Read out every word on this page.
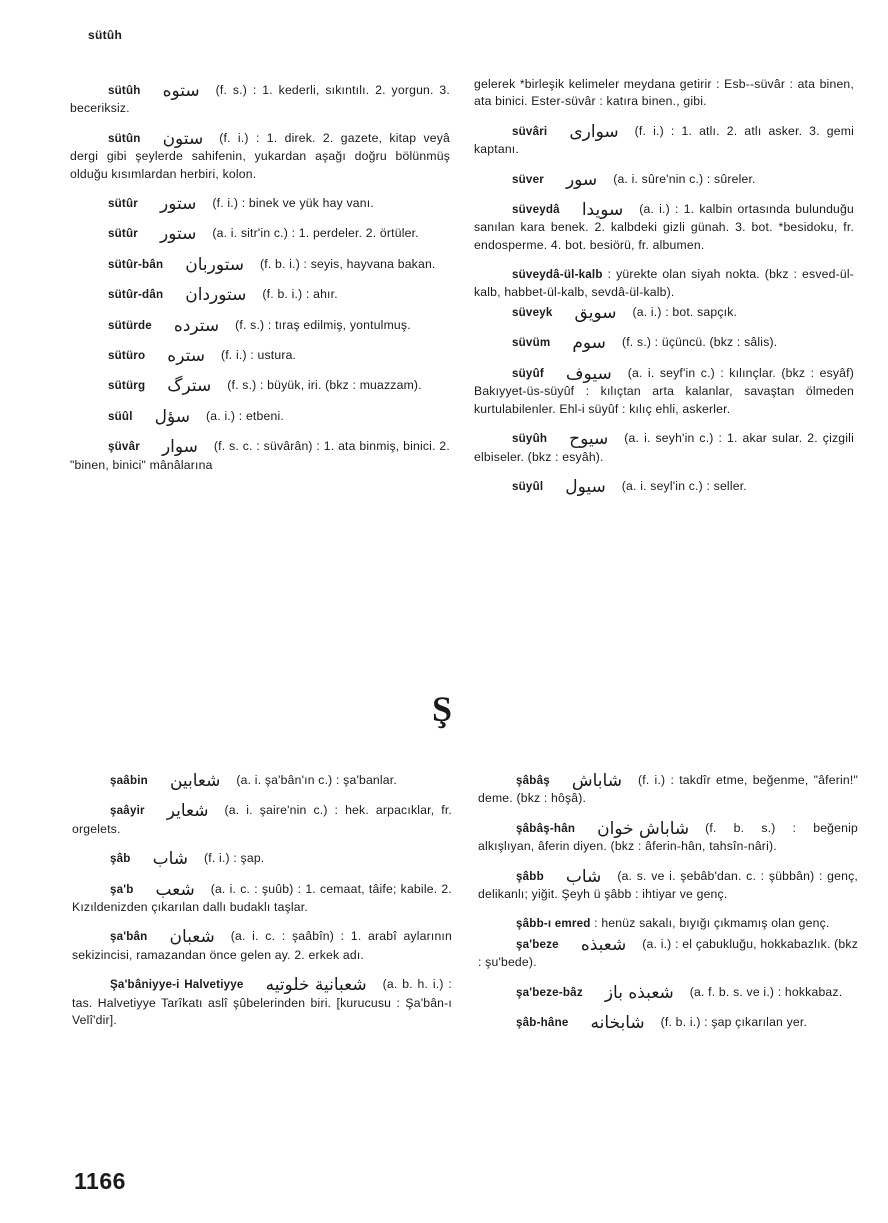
sütûh
sütûh ستوه (f. s.) : 1. kederli, sıkıntılı. 2. yorgun. 3. beceriksiz.
sütûn ستون (f. i.) : 1. direk. 2. gazete, kitap veyâ dergi gibi şeylerde sahifenin, yukardan aşağı doğru bölünmüş olduğu kısımlardan herbiri, kolon.
sütûr ستور (f. i.) : binek ve yük hay vanı.
sütûr ستور (a. i. sitr'in c.) : 1. perdeler. 2. örtüler.
sütûr-bân ستوربان (f. b. i.) : seyis, hayvana bakan.
sütûr-dân ستوردان (f. b. i.) : ahır.
sütürde سترده (f. s.) : tıraş edilmiş, yontulmuş.
sütüro ستره (f. i.) : ustura.
sütürg سترگ (f. s.) : büyük, iri. (bkz : muazzam).
süûl سؤل (a. i.) : etbeni.
şüvâr سوار (f. s. c. : süvârân) : 1. ata binmiş, binici. 2. "binen, binici" mânâlarına
gelerek *birleşik kelimeler meydana getirir : Esb--süvâr : ata binen, ata binici. Ester-süvâr : katıra binen., gibi.
süvâri سوارى (f. i.) : 1. atlı. 2. atlı asker. 3. gemi kaptanı.
süver سور (a. i. sûre'nin c.) : sûreler.
süveydâ سويدا (a. i.) : 1. kalbin ortasında bulunduğu sanılan kara benek. 2. kalbdeki gizli günah. 3. bot. *besidoku, fr. endosperme. 4. bot. besiörü, fr. albumen.
süveydâ-ül-kalb : yürekte olan siyah nokta. (bkz : esved-ül-kalb, habbet-ül-kalb, sevdâ-ül-kalb).
süveyk سويق (a. i.) : bot. sapçık.
süvüm سوم (f. s.) : üçüncü. (bkz : sâlis).
süyûf سيوف (a. i. seyf'in c.) : kılınçlar. (bkz : esyâf) Bakıyyet-üs-süyûf : kılıçtan arta kalanlar, savaştan ölmeden kurtulabilenler. Ehl-i süyûf : kılıç ehli, askerler.
süyûh سيوح (a. i. seyh'in c.) : 1. akar sular. 2. çizgili elbiseler. (bkz : esyâh).
süyûl سيول (a. i. seyl'in c.) : seller.
Ş
şaâbin شعابين (a. i. şa'bân'ın c.) : şa'banlar.
şaâyir شعاير (a. i. şaire'nin c.) : hek. arpacıklar, fr. orgelets.
şâb شاب (f. i.) : şap.
şa'b شعب (a. i. c. : şuûb) : 1. cemaat, tâife; kabile. 2. Kızıldenizden çıkarılan dallı budaklı taşlar.
şa'bân شعبان (a. i. c. : şaâbîn) : 1. arabî aylarının sekizincisi, ramazandan önce gelen ay. 2. erkek adı.
Şa'bâniyye-i Halvetiyye شعبانية خلوتيه (a. b. h. i.) : tas. Halvetiyye Tarîkatı aslî şûbelerinden biri. [kurucusu : Şa'bân-ı Velî'dir].
şâbâş شاباش (f. i.) : takdîr etme, beğenme, "âferin!" deme. (bkz : hôşâ).
şâbâş-hân شاباش خوان (f. b. s.) : beğenip alkışlıyan, âferin diyen. (bkz : âferin-hân, tahsîn-nâri).
şâbb شاب (a. s. ve i. şebâb'dan. c. : şübbân) : genç, delikanlı; yiğit. Şeyh ü şâbb : ihtiyar ve genç.
şâbb-ı emred : henüz sakalı, bıyığı çıkmamış olan genç.
şa'beze شعبذه (a. i.) : el çabukluğu, hokkabazlık. (bkz : şu'bede).
şa'beze-bâz شعبذه باز (a. f. b. s. ve i.) : hokkabaz.
şâb-hâne شابخانه (f. b. i.) : şap çıkarılan yer.
1166
